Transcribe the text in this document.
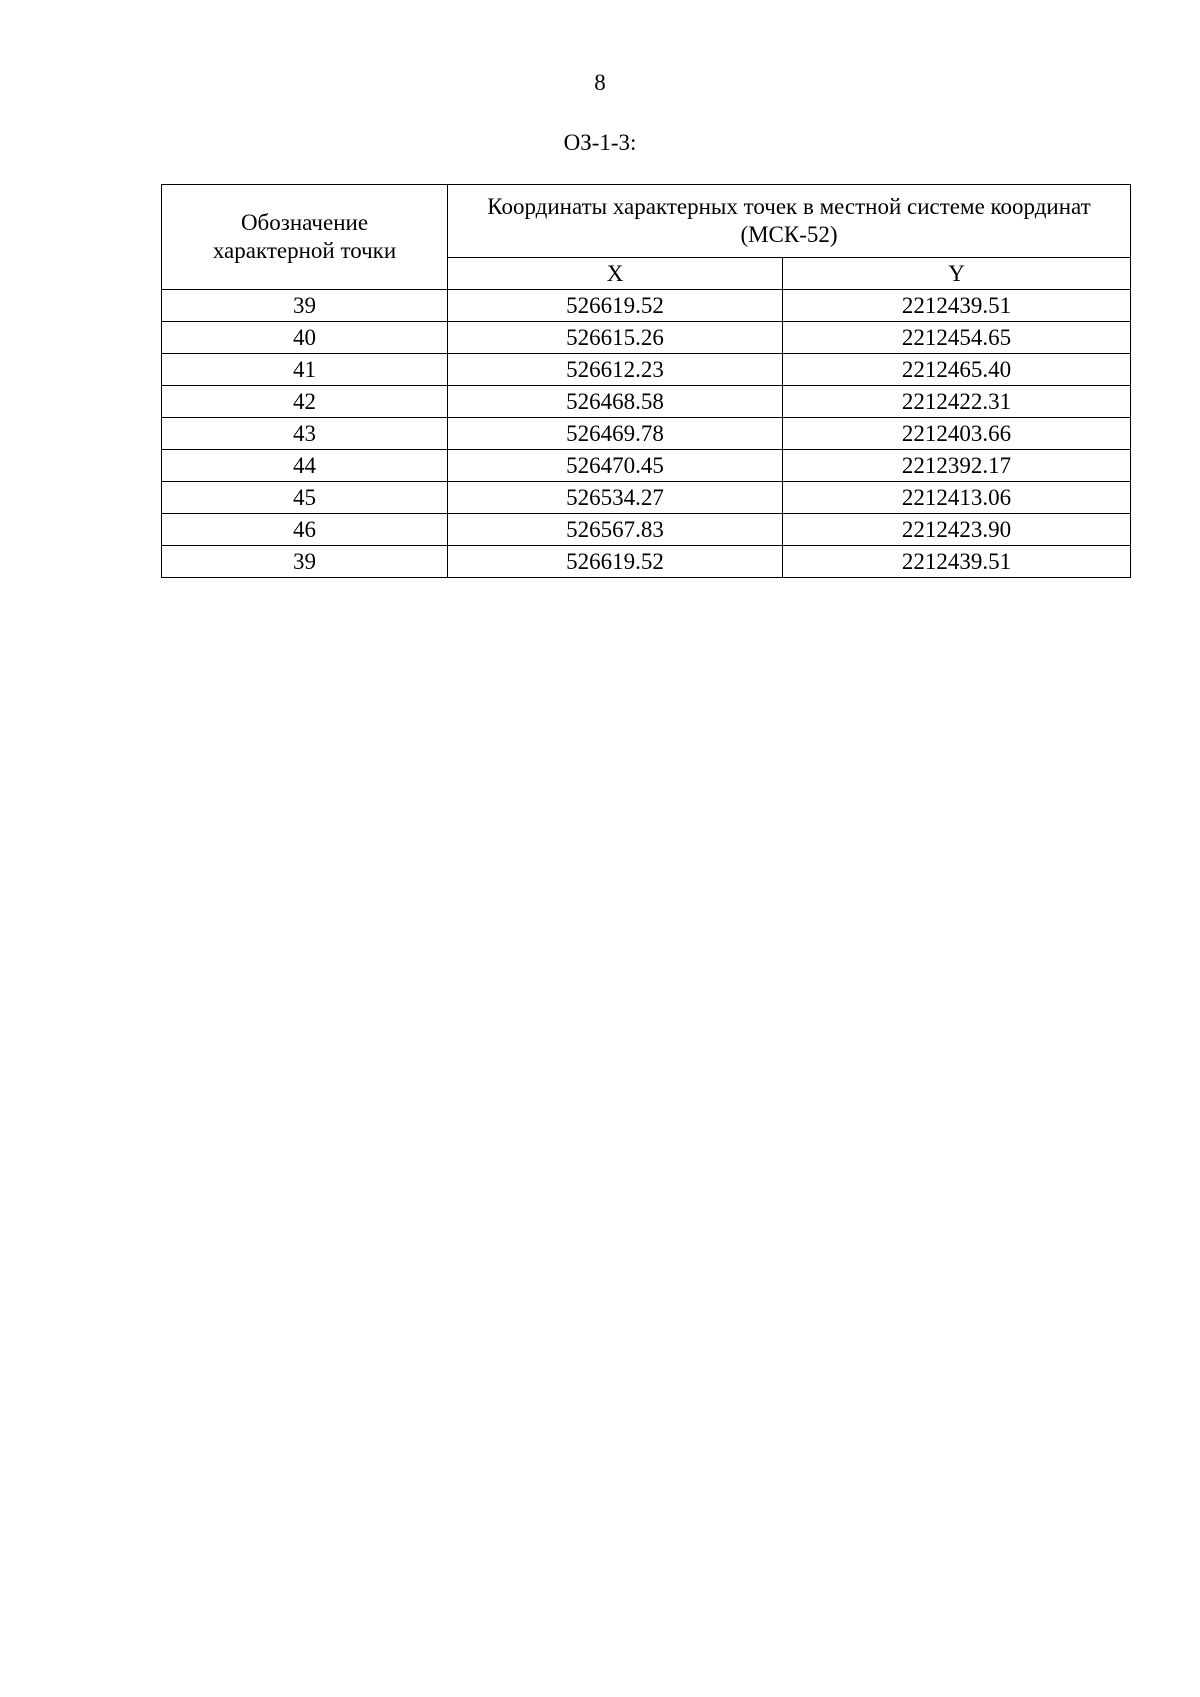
8
ОЗ-1-3:
Обозначение характерной точки	Координаты характерных точек в местной системе координат (МСК-52)	

	X	Y
39	526619.52	2212439.51
40	526615.26	2212454.65
41	526612.23	2212465.40
42	526468.58	2212422.31
43	526469.78	2212403.66
44	526470.45	2212392.17
45	526534.27	2212413.06
46	526567.83	2212423.90
39	526619.52	2212439.51
